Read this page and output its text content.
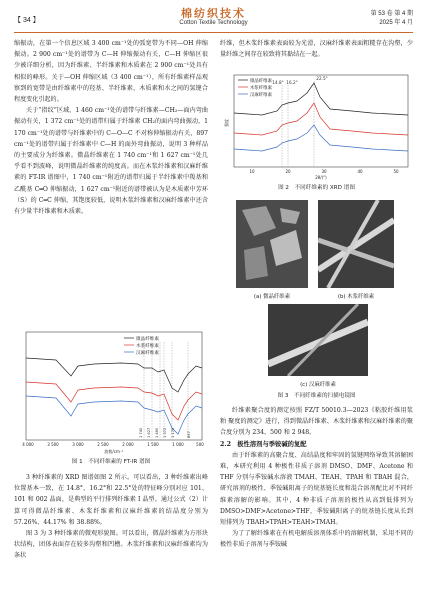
【 34 】
棉纺织技术
Cotton Textile Technology
第 53 卷 第 4 期
2025 年 4 月

缩振动，在第一个信息区域 3 400 cm⁻¹处的弧宽带为不同—OH 伸缩振动。2 900 cm⁻¹处的谱带为 C—H 伸缩振动有关，C—H 伸缩区很少被详细分析，因为纤维素、半纤维素和木质素在 2 900 cm⁻¹处具有相似的峰形。关于—OH 伸缩区域（3 400 cm⁻¹），所有纤维素样品观察到的宽带是由纤维素中的羟基、半纤维素、木质素和水之间的氢键合程度变化引起的。

关于“指纹”区域，1 460 cm⁻¹处的谱带与纤维素—CH₂—面内弯曲振动有关，1 372 cm⁻¹处的谱带归属于纤维素 CH₂的面内弯曲振动，1 170 cm⁻¹处的谱带与纤维素中的 C—O—C 不对称伸缩振动有关，897 cm⁻¹处的谱带归属于纤维素中 C—H 的面外弯曲振动，说明 3 种样品的主要成分为纤维素。微晶纤维素在 1 740 cm⁻¹和 1 627 cm⁻¹处几乎看不到波峰，说明微晶纤维素的纯度高。而在木浆纤维素和汉麻纤维素的 FT-IR 谱图中，1 740 cm⁻¹附近的谱带归属于半纤维素中羧基和乙酰基 C═O 伸缩振动，1 627 cm⁻¹附近的谱带被认为是木质素中芳环（S）的 C═C 伸缩，其饱度较低，说明木浆纤维素和汉麻纤维素中还含有少量半纤维素和木质素。

微晶纤维素
木浆纤维素
汉麻纤维素
1 740 1 627 1 460 1 372 1 170	897
4 000	3 500	3 000	2 500	2 000	1 500	1 000	500
波数/cm⁻¹
图 1　不同纤维素的 FT-IR 谱图

3 种纤维素的 XRD 图谱如图 2 所示。可以看出，3 种纤维素出峰位置基本一致，在 14.8°、16.2°和 22.5°处的特征峰分别对应 101、10̄1 和 002 晶面，是典型的平行排列纤维素 I 晶型。通过公式（2）计算可得微晶纤维素、木浆纤维素和汉麻纤维素的结晶度分别为 57.26%、44.17% 和 38.88%。

图 3 为 3 种纤维素的微观形貌图。可以看出，微晶纤维素为方形块状结构，团体表面存在较多沟壑和凹槽。木浆纤维素和汉麻纤维素均为条状

纤维，但木浆纤维素表面较为光滑，汉麻纤维素表面粗糙存在沟壑，少量纤维之间存在较致将其黏结在一起。

微晶纤维素
木浆纤维素
汉麻纤维素
14.8° 16.2°
22.5°
10	20	30	40	50
2θ/(°)
强度
图 2　不同纤维素的 XRD 谱图
(a) 微晶纤维素	(b) 木浆纤维素
(c) 汉麻纤维素
图 3　不同纤维素的扫描电镜图

纤维素聚合度的测定按照 FZ/T 50010.3—2023《粘胶纤维用浆粕 聚度的测定》进行，得到微晶纤维素、木浆纤维素和汉麻纤维素的聚合度分别为 234、500 和 2 948。

2.2　极性溶剂与季铵碱的复配

由于纤维素的高聚合度、高结晶度和牢固的氢键网络导致其溶解困难，本研究利用 4 种极性非质子溶剂 DMSO、DMF、Acetone 和 THF 分别与季铵碱水溶液 TMAH、TEAH、TPAH 和 TBAH 混合，研究溶剂的极性、季铵碱阳离子的烷基链长度和混合溶剂配比对不同纤维素溶解的影响。其中，4 种非质子溶剂的极性从高到低排列为 DMSO>DMF>Acetone>THF，季铵碱阳离子的烷基链长度从长到短排列为 TBAH>TPAH>TEAH>TMAH。

为了了解纤维素在有机电解质溶剂体系中的溶解机制，采用不同的极性非质子溶剂与季铵碱
